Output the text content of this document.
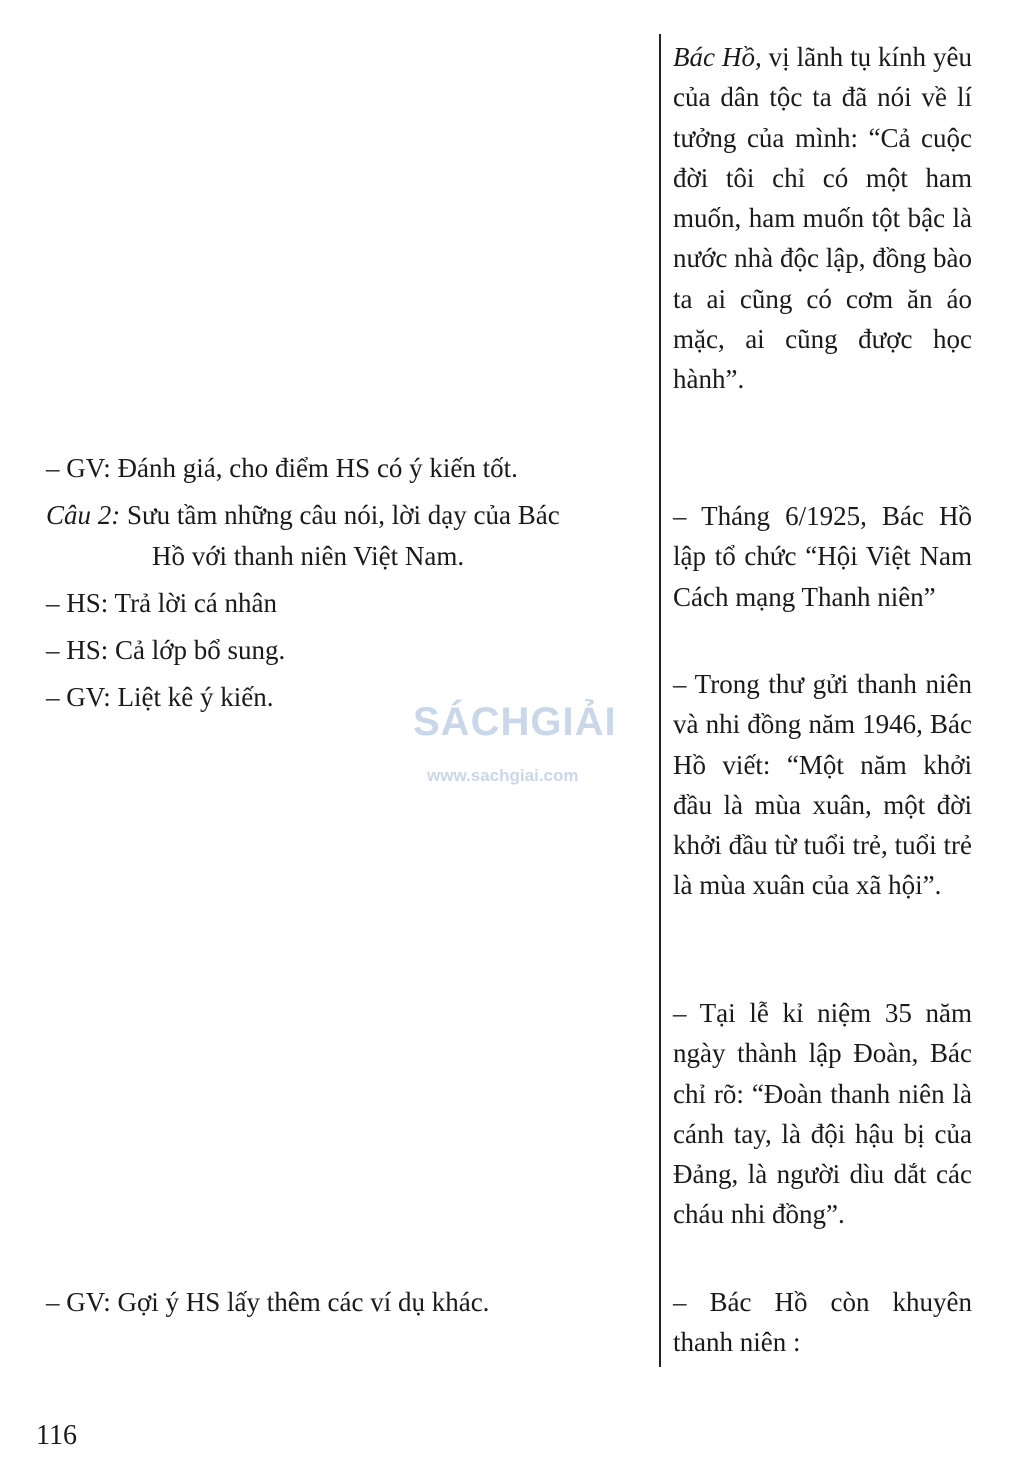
Bác Hồ, vị lãnh tụ kính yêu của dân tộc ta đã nói về lí tưởng của mình: “Cả cuộc đời tôi chỉ có một ham muốn, ham muốn tột bậc là nước nhà độc lập, đồng bào ta ai cũng có cơm ăn áo mặc, ai cũng được học hành”.

– Tháng 6/1925, Bác Hồ lập tổ chức “Hội Việt Nam Cách mạng Thanh niên”

– Trong thư gửi thanh niên và nhi đồng năm 1946, Bác Hồ viết: “Một năm khởi đầu là mùa xuân, một đời khởi đầu từ tuổi trẻ, tuổi trẻ là mùa xuân của xã hội”.

– Tại lễ kỉ niệm 35 năm ngày thành lập Đoàn, Bác chỉ rõ: “Đoàn thanh niên là cánh tay, là đội hậu bị của Đảng, là người dìu dắt các cháu nhi đồng”.

– Bác Hồ còn khuyên thanh niên :

– GV: Đánh giá, cho điểm HS có ý kiến tốt.
Câu 2: Sưu tầm những câu nói, lời dạy của Bác
Hồ với thanh niên Việt Nam.
– HS: Trả lời cá nhân
– HS: Cả lớp bổ sung.
– GV: Liệt kê ý kiến.
– GV: Gợi ý HS lấy thêm các ví dụ khác.
SÁCHGIẢI
www.sachgiai.com
116
